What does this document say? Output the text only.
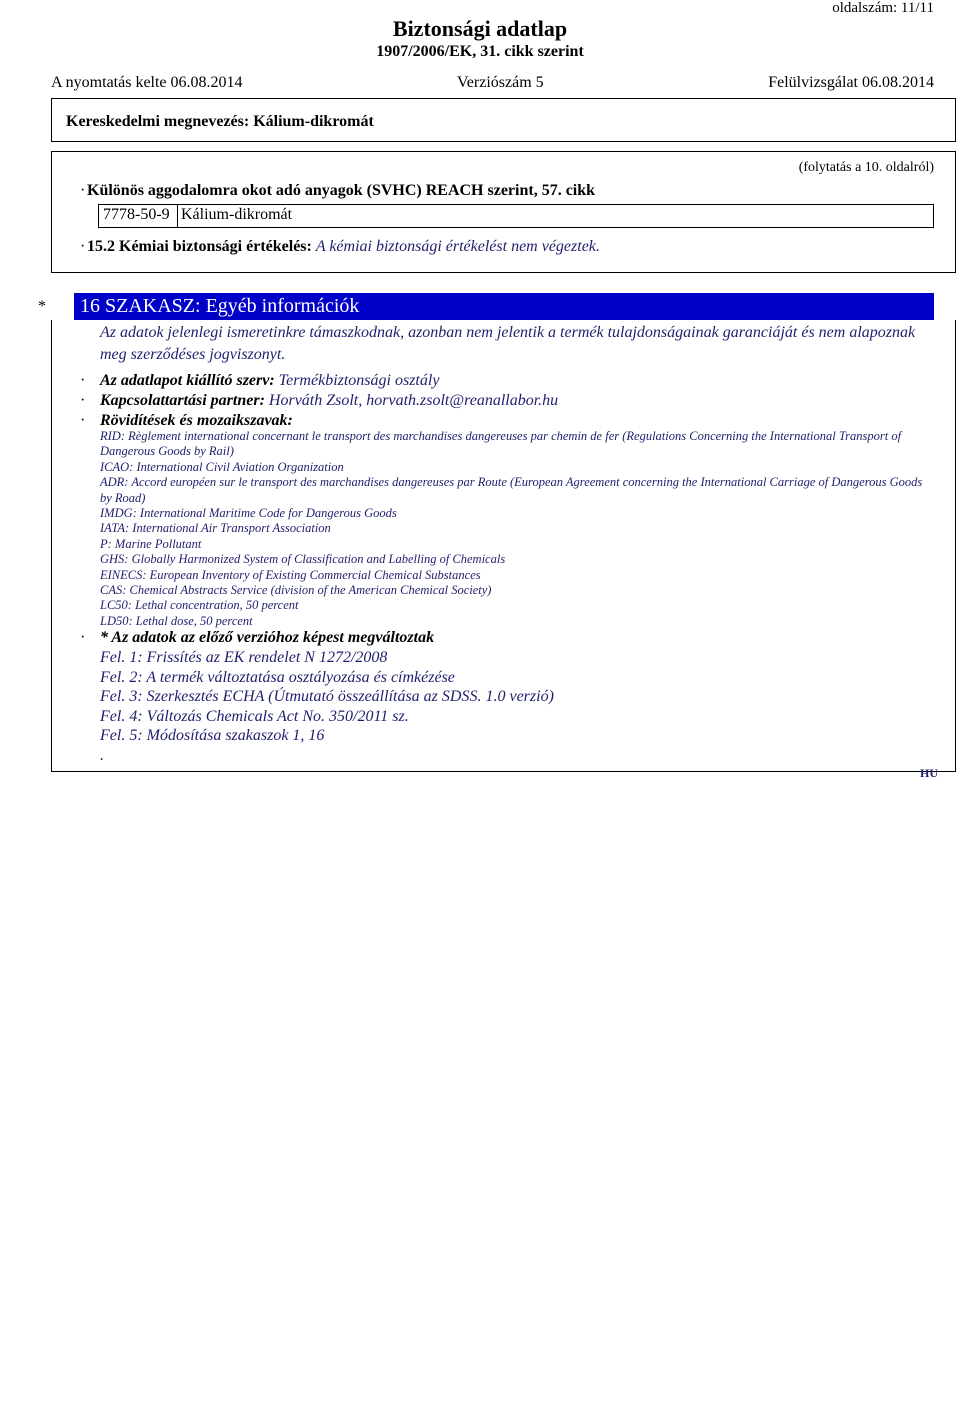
oldalszám: 11/11
Biztonsági adatlap
1907/2006/EK, 31. cikk szerint
A nyomtatás kelte 06.08.2014	Verziószám 5	Felülvizsgálat 06.08.2014
Kereskedelmi megnevezés: Kálium-dikromát
(folytatás a 10. oldalról)
· Különös aggodalomra okot adó anyagok (SVHC) REACH szerint, 57. cikk
7778-50-9 Kálium-dikromát
· 15.2 Kémiai biztonsági értékelés: A kémiai biztonsági értékelést nem végeztek.
* 16 SZAKASZ: Egyéb információk
Az adatok jelenlegi ismeretinkre támaszkodnak, azonban nem jelentik a termék tulajdonságainak garanciáját és nem alapoznak meg szerződéses jogviszonyt.
· Az adatlapot kiállító szerv: Termékbiztonsági osztály
· Kapcsolattartási partner: Horváth Zsolt, horvath.zsolt@reanallabor.hu
· Rövidítések és mozaikszavak:
RID: Règlement international concernant le transport des marchandises dangereuses par chemin de fer (Regulations Concerning the International Transport of Dangerous Goods by Rail)
ICAO: International Civil Aviation Organization
ADR: Accord européen sur le transport des marchandises dangereuses par Route (European Agreement concerning the International Carriage of Dangerous Goods by Road)
IMDG: International Maritime Code for Dangerous Goods
IATA: International Air Transport Association
P: Marine Pollutant
GHS: Globally Harmonized System of Classification and Labelling of Chemicals
EINECS: European Inventory of Existing Commercial Chemical Substances
CAS: Chemical Abstracts Service (division of the American Chemical Society)
LC50: Lethal concentration, 50 percent
LD50: Lethal dose, 50 percent
· * Az adatok az előző verzióhoz képest megváltoztak
Fel. 1: Frissítés az EK rendelet N 1272/2008
Fel. 2: A termék változtatása osztályozása és címkézése
Fel. 3: Szerkesztés ECHA (Útmutató összeállítása az SDSS. 1.0 verzió)
Fel. 4: Változás Chemicals Act No. 350/2011 sz.
Fel. 5: Módosítása szakaszok 1, 16
.
HU
